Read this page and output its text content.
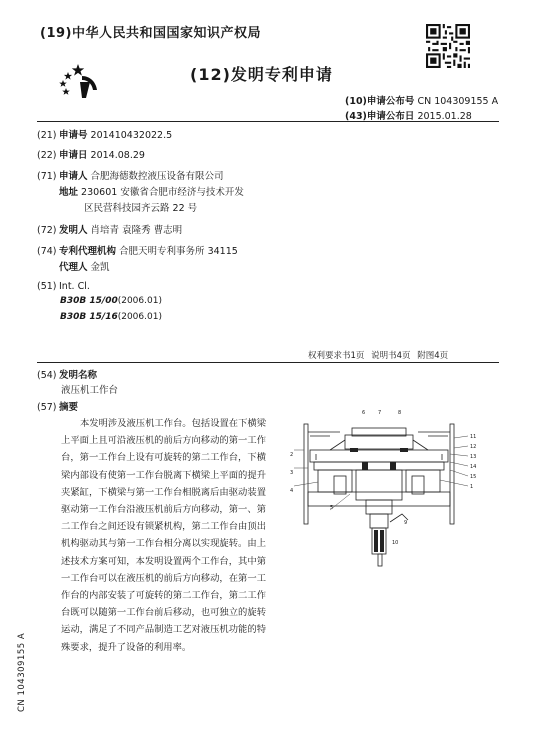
(19)中华人民共和国国家知识产权局
(12)发明专利申请
(10)申请公布号 CN 104309155 A
(43)申请公布日 2015.01.28
(21) 申请号 201410432022.5
(22) 申请日 2014.08.29
(71) 申请人 合肥海德数控液压设备有限公司
地址 230601 安徽省合肥市经济与技术开发
区民营科技园齐云路 22 号
(72) 发明人 肖培青 袁隆秀 曹志明
(74) 专利代理机构 合肥天明专利事务所 34115
代理人 金凯
(51) Int. Cl.
B30B 15/00(2006.01)
B30B 15/16(2006.01)
权利要求书1页 说明书4页 附图4页
(54) 发明名称
液压机工作台
(57) 摘要
本发明涉及液压机工作台。包括设置在下横梁上平面上且可沿液压机的前后方向移动的第一工作台，第一工作台上设有可旋转的第二工作台，下横梁内部设有使第一工作台脱离下横梁上平面的提升夹紧缸，下横梁与第一工作台相脱离后由驱动装置驱动第一工作台沿液压机前后方向移动，第一、第二工作台之间还设有锁紧机构，第二工作台由顶出机构驱动其与第一工作台相分离以实现旋转。由上述技术方案可知，本发明设置两个工作台，其中第一工作台可以在液压机的前后方向移动，在第一工作台的内部安装了可旋转的第二工作台，第二工作台既可以随第一工作台前后移动，也可独立的旋转运动，满足了不同产品制造工艺对液压机功能的特殊要求，提升了设备的利用率。
CN 104309155 A
11
12
13
14
15
1
2
3
4
5
6	7	8
9
10
